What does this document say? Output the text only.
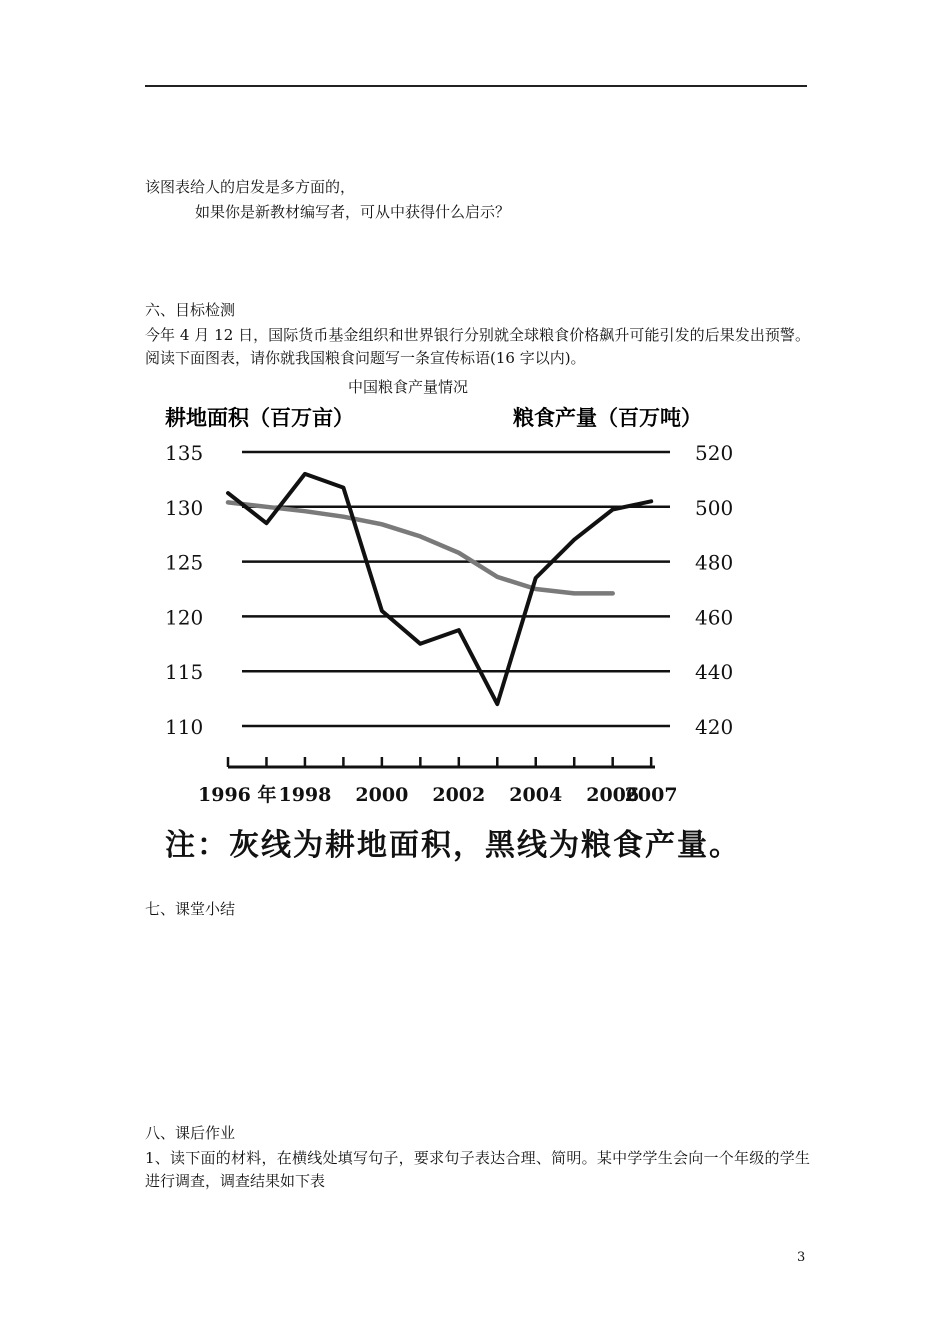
该图表给人的启发是多方面的，
如果你是新教材编写者，可从中获得什么启示？
六、目标检测
今年 4 月 12 日，国际货币基金组织和世界银行分别就全球粮食价格飙升可能引发的后果发出预警。阅读下面图表，请你就我国粮食问题写一条宣传标语(16 字以内)。
中国粮食产量情况
耕地面积（百万亩）	粮食产量（百万吨）
135	520
130	500
125	480
120	460
115	440
110	420
1996 年 1998 2000 2002 2004 2006
2007
注：灰线为耕地面积，黑线为粮食产量。
七、课堂小结
八、课后作业
1、读下面的材料，在横线处填写句子，要求句子表达合理、简明。某中学学生会向一个年级的学生进行调查，调查结果如下表
3
